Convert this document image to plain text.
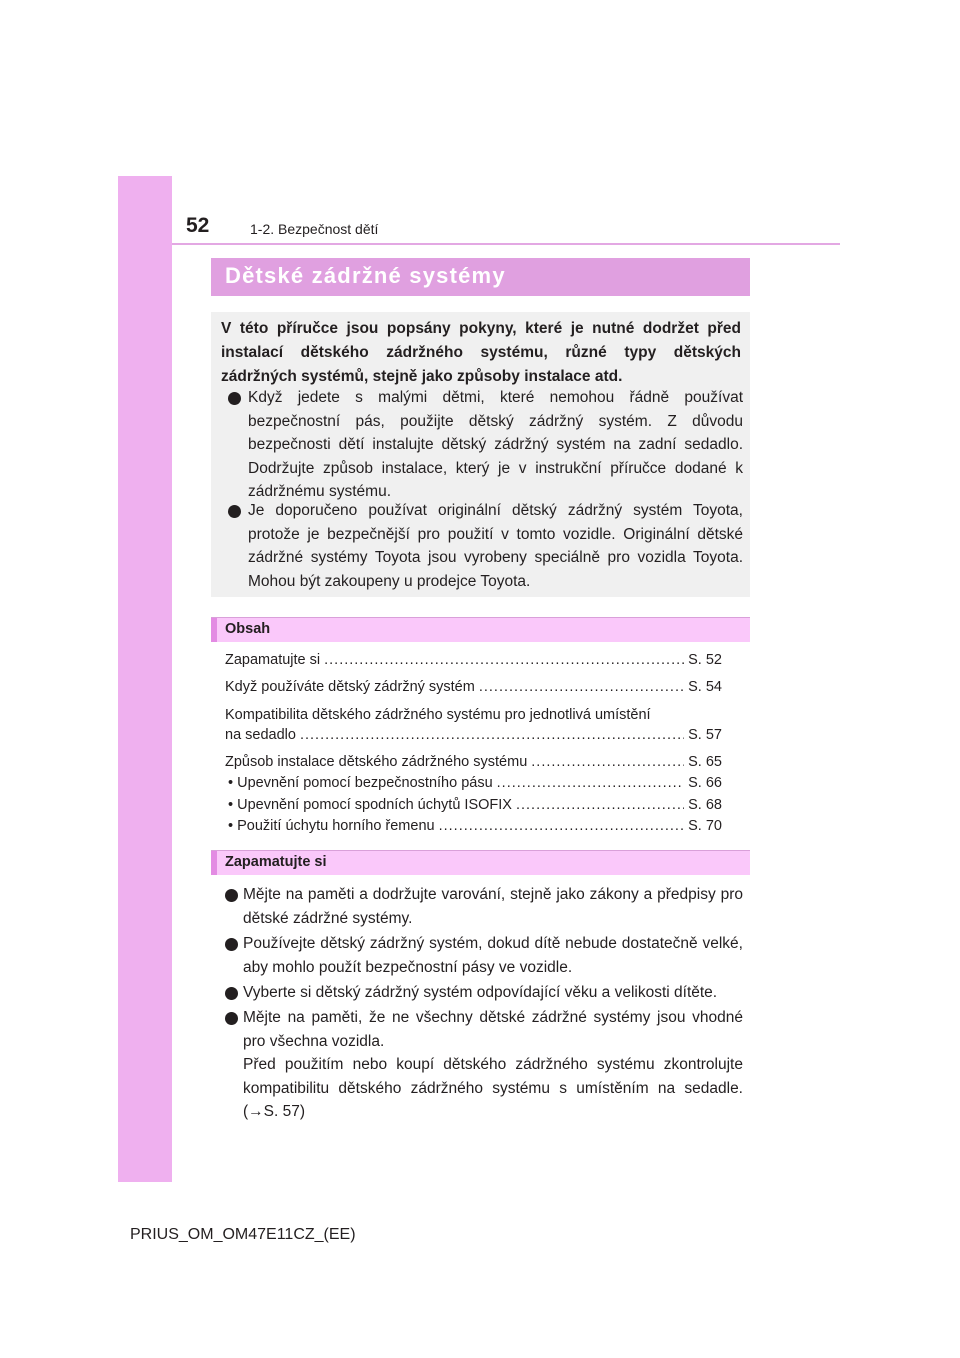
52	1-2. Bezpečnost dětí
Dětské zádržné systémy
V této příručce jsou popsány pokyny, které je nutné dodržet před instalací dětského zádržného systému, různé typy dětských zádržných systémů, stejně jako způsoby instalace atd.
Když jedete s malými dětmi, které nemohou řádně používat bezpečnostní pás, použijte dětský zádržný systém. Z důvodu bezpečnosti dětí instalujte dětský zádržný systém na zadní sedadlo. Dodržujte způsob instalace, který je v instrukční příručce dodané k zádržnému systému.
Je doporučeno používat originální dětský zádržný systém Toyota, protože je bezpečnější pro použití v tomto vozidle. Originální dětské zádržné systémy Toyota jsou vyrobeny speciálně pro vozidla Toyota. Mohou být zakoupeny u prodejce Toyota.
Obsah
Zapamatujte si .....	S. 52
Když používáte dětský zádržný systém .....	S. 54
Kompatibilita dětského zádržného systému pro jednotlivá umístění
na sedadlo .....	S. 57
Způsob instalace dětského zádržného systému .....	S. 65
• Upevnění pomocí bezpečnostního pásu .....	S. 66
• Upevnění pomocí spodních úchytů ISOFIX .....	S. 68
• Použití úchytu horního řemenu .....	S. 70
Zapamatujte si
Mějte na paměti a dodržujte varování, stejně jako zákony a předpisy pro dětské zádržné systémy.
Používejte dětský zádržný systém, dokud dítě nebude dostatečně velké, aby mohlo použít bezpečnostní pásy ve vozidle.
Vyberte si dětský zádržný systém odpovídající věku a velikosti dítěte.
Mějte na paměti, že ne všechny dětské zádržné systémy jsou vhodné pro všechna vozidla.
Před použitím nebo koupí dětského zádržného systému zkontrolujte kompatibilitu dětského zádržného systému s umístěním na sedadle. (→S. 57)
PRIUS_OM_OM47E11CZ_(EE)
